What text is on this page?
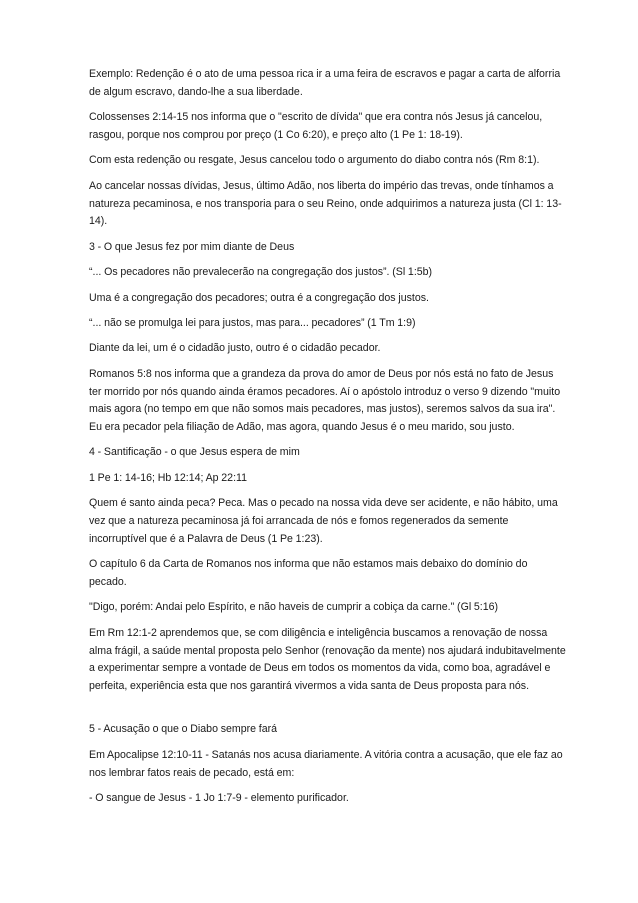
Exemplo: Redenção é o ato de uma pessoa rica ir a uma feira de escravos e pagar a carta de alforria de algum escravo, dando-lhe a sua liberdade.

Colossenses 2:14-15 nos informa que o "escrito de dívida" que era contra nós Jesus já cancelou, rasgou, porque nos comprou por preço (1 Co 6:20), e preço alto (1 Pe 1: 18-19).

Com esta redenção ou resgate, Jesus cancelou todo o argumento do diabo contra nós (Rm 8:1).

Ao cancelar nossas dívidas, Jesus, último Adão, nos liberta do império das trevas, onde tínhamos a natureza pecaminosa, e nos transporia para o seu Reino, onde adquirimos a natureza justa (Cl 1: 13-14).

3 - O que Jesus fez por mim diante de Deus

“... Os pecadores não prevalecerão na congregação dos justos”. (Sl 1:5b)

Uma é a congregação dos pecadores; outra é a congregação dos justos.

“... não se promulga lei para justos, mas para... pecadores” (1 Tm 1:9)

Diante da lei, um é o cidadão justo, outro é o cidadão pecador.

Romanos 5:8 nos informa que a grandeza da prova do amor de Deus por nós está no fato de Jesus ter morrido por nós quando ainda éramos pecadores. Aí o apóstolo introduz o verso 9 dizendo "muito mais agora (no tempo em que não somos mais pecadores, mas justos), seremos salvos da sua ira". Eu era pecador pela filiação de Adão, mas agora, quando Jesus é o meu marido, sou justo.

4 - Santificação - o que Jesus espera de mim

1 Pe 1: 14-16; Hb 12:14; Ap 22:11

Quem é santo ainda peca? Peca. Mas o pecado na nossa vida deve ser acidente, e não hábito, uma vez que a natureza pecaminosa já foi arrancada de nós e fomos regenerados da semente incorruptível que é a Palavra de Deus (1 Pe 1:23).

O capítulo 6 da Carta de Romanos nos informa que não estamos mais debaixo do domínio do pecado.

"Digo, porém: Andai pelo Espírito, e não haveis de cumprir a cobiça da carne." (Gl 5:16)

Em Rm 12:1-2 aprendemos que, se com diligência e inteligência buscamos a renovação de nossa alma frágil, a saúde mental proposta pelo Senhor (renovação da mente) nos ajudará indubitavelmente a experimentar sempre a vontade de Deus em todos os momentos da vida, como boa, agradável e perfeita, experiência esta que nos garantirá vivermos a vida santa de Deus proposta para nós.

5 - Acusação o que o Diabo sempre fará

Em Apocalipse 12:10-11 - Satanás nos acusa diariamente. A vitória contra a acusação, que ele faz ao nos lembrar fatos reais de pecado, está em:

- O sangue de Jesus - 1 Jo 1:7-9 - elemento purificador.
